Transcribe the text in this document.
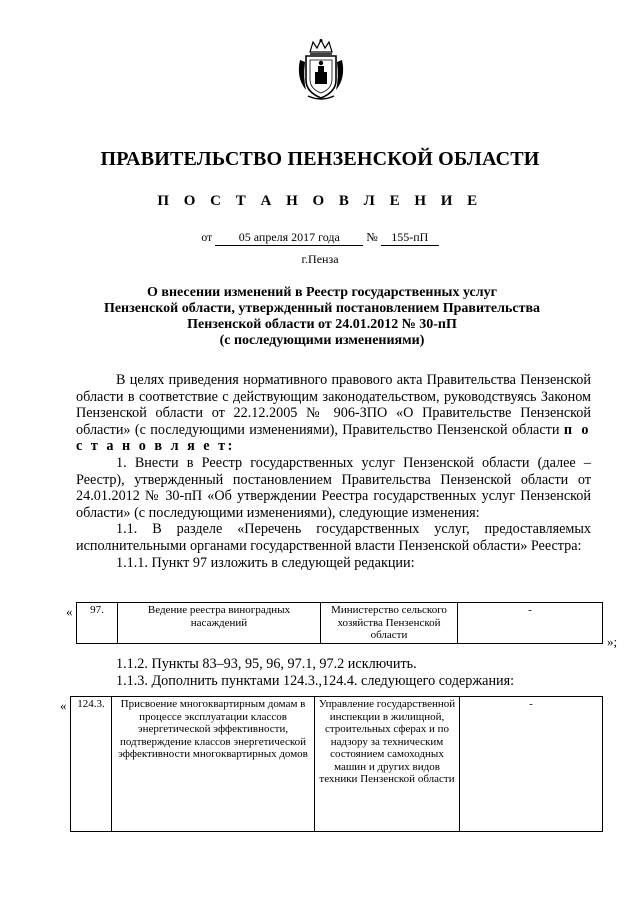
ПРАВИТЕЛЬСТВО ПЕНЗЕНСКОЙ ОБЛАСТИ
П О С Т А Н О В Л Е Н И Е
от 05 апреля 2017 года № 155-пП
г.Пенза
О внесении изменений в Реестр государственных услуг
Пензенской области, утвержденный постановлением Правительства
Пензенской области от 24.01.2012 № 30-пП
(с последующими изменениями)

В целях приведения нормативного правового акта Правительства Пензенской области в соответствие с действующим законодательством, руководствуясь Законом Пензенской области от 22.12.2005 № 906-ЗПО «О Правительстве Пензенской области» (с последующими изменениями), Правительство Пензенской области п о с т а н о в л я е т:

1. Внести в Реестр государственных услуг Пензенской области (далее – Реестр), утвержденный постановлением Правительства Пензенской области от 24.01.2012 № 30-пП «Об утверждении Реестра государственных услуг Пензенской области» (с последующими изменениями), следующие изменения:

1.1. В разделе «Перечень государственных услуг, предоставляемых исполнительными органами государственной власти Пензенской области» Реестра:

1.1.1. Пункт 97 изложить в следующей редакции:

« 97.	Ведение реестра виноградных насаждений	Министерство сельского хозяйства Пензенской области	-
»;

1.1.2. Пункты 83–93, 95, 96, 97.1, 97.2 исключить.

1.1.3. Дополнить пунктами 124.3.,124.4. следующего содержания:

« 124.3.	Присвоение многоквартирным домам в процессе эксплуатации классов энергетической эффективности, подтверждение классов энергетической эффективности многоквартирных домов	Управление государственной инспекции в жилищной, строительных сферах и по надзору за техническим состоянием самоходных машин и других видов техники Пензенской области	-
